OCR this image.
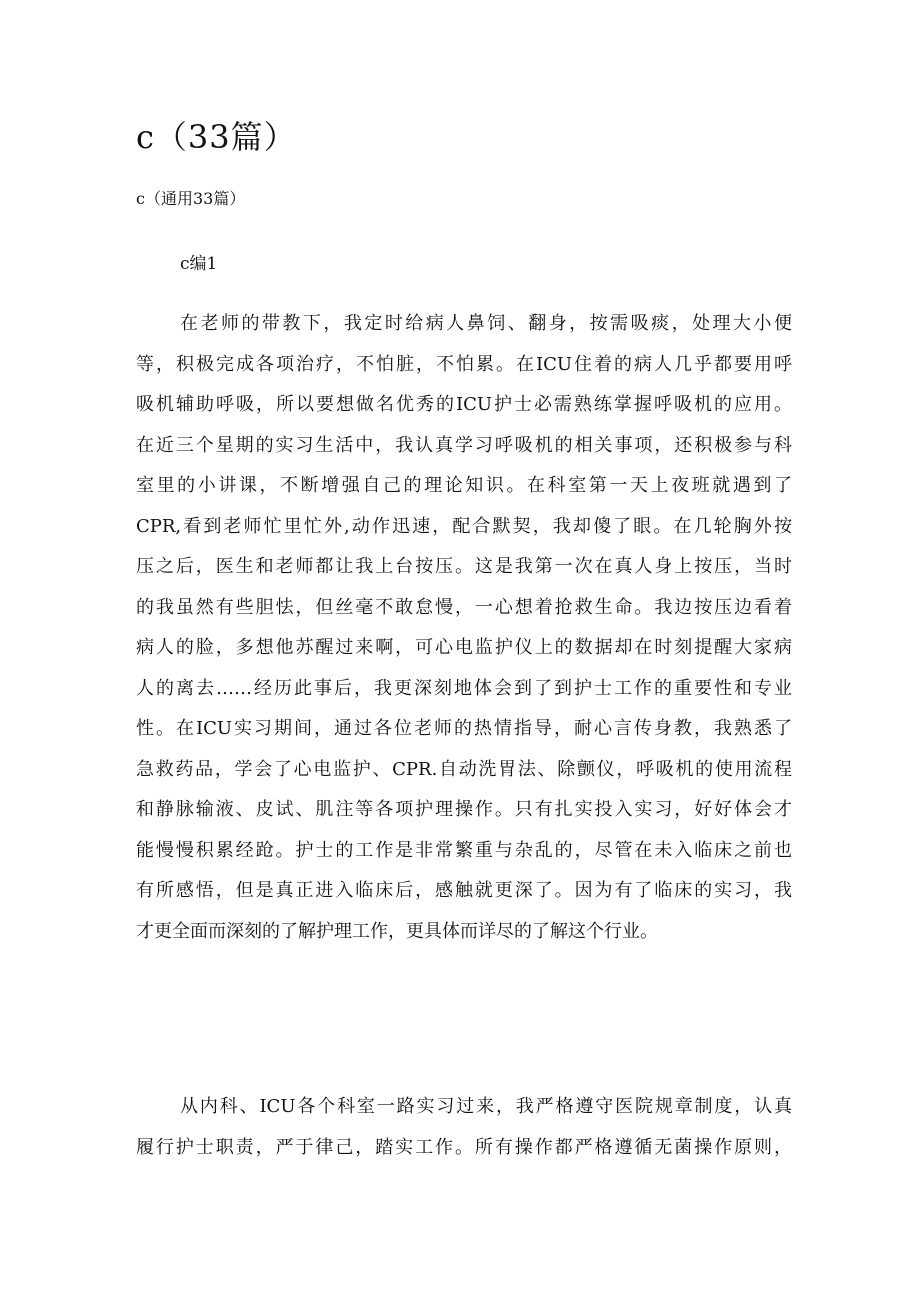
c（33篇）
c（通用33篇）
c编1
在老师的带教下，我定时给病人鼻饲、翻身，按需吸痰，处理大小便
等，积极完成各项治疗，不怕脏，不怕累。在ICU住着的病人几乎都要用呼
吸机辅助呼吸，所以要想做名优秀的ICU护士必需熟练掌握呼吸机的应用。
在近三个星期的实习生活中，我认真学习呼吸机的相关事项，还积极参与科
室里的小讲课，不断增强自己的理论知识。在科室第一天上夜班就遇到了
CPR,看到老师忙里忙外,动作迅速，配合默契，我却傻了眼。在几轮胸外按
压之后，医生和老师都让我上台按压。这是我第一次在真人身上按压，当时
的我虽然有些胆怯，但丝毫不敢怠慢，一心想着抢救生命。我边按压边看着
病人的脸，多想他苏醒过来啊，可心电监护仪上的数据却在时刻提醒大家病
人的离去……经历此事后，我更深刻地体会到了到护士工作的重要性和专业
性。在ICU实习期间，通过各位老师的热情指导，耐心言传身教，我熟悉了
急救药品，学会了心电监护、CPR.自动洗胃法、除颤仪，呼吸机的使用流程
和静脉输液、皮试、肌注等各项护理操作。只有扎实投入实习，好好体会才
能慢慢积累经跄。护士的工作是非常繁重与杂乱的，尽管在未入临床之前也
有所感悟，但是真正进入临床后，感触就更深了。因为有了临床的实习，我
才更全面而深刻的了解护理工作，更具体而详尽的了解这个行业。
从内科、ICU各个科室一路实习过来，我严格遵守医院规章制度，认真
履行护士职责，严于律己，踏实工作。所有操作都严格遵循无菌操作原则，
